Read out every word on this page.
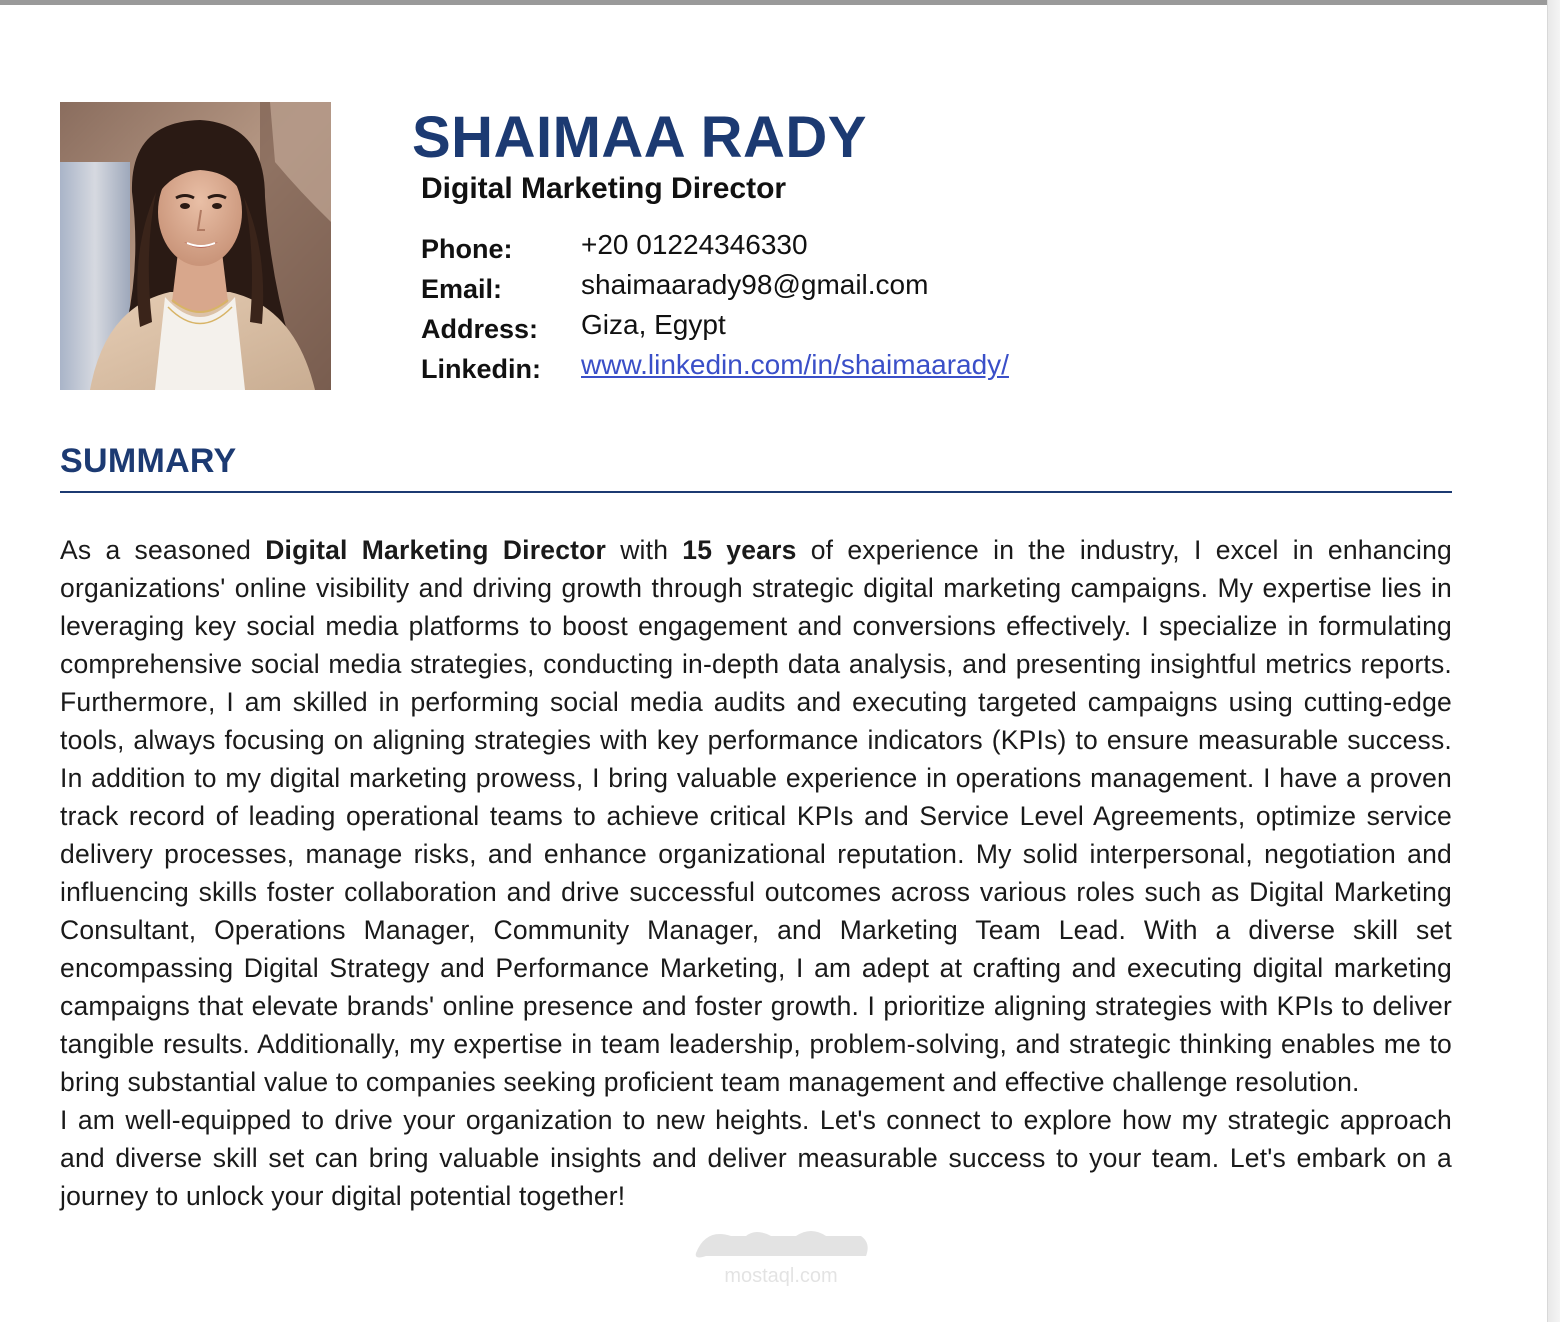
SHAIMAA RADY
Digital Marketing Director
Phone: +20 01224346330
Email:	shaimaarady98@gmail.com
Address: Giza, Egypt
Linkedin: www.linkedin.com/in/shaimaarady/
SUMMARY

As a seasoned Digital Marketing Director with 15 years of experience in the industry, I excel in enhancing organizations' online visibility and driving growth through strategic digital marketing campaigns. My expertise lies in leveraging key social media platforms to boost engagement and conversions effectively. I specialize in formulating comprehensive social media strategies, conducting in-depth data analysis, and presenting insightful metrics reports. Furthermore, I am skilled in performing social media audits and executing targeted campaigns using cutting-edge tools, always focusing on aligning strategies with key performance indicators (KPIs) to ensure measurable success. In addition to my digital marketing prowess, I bring valuable experience in operations management. I have a proven track record of leading operational teams to achieve critical KPIs and Service Level Agreements, optimize service delivery processes, manage risks, and enhance organizational reputation. My solid interpersonal, negotiation and influencing skills foster collaboration and drive successful outcomes across various roles such as Digital Marketing Consultant, Operations Manager, Community Manager, and Marketing Team Lead. With a diverse skill set encompassing Digital Strategy and Performance Marketing, I am adept at crafting and executing digital marketing campaigns that elevate brands' online presence and foster growth. I prioritize aligning strategies with KPIs to deliver tangible results. Additionally, my expertise in team leadership, problem-solving, and strategic thinking enables me to bring substantial value to companies seeking proficient team management and effective challenge resolution.

I am well-equipped to drive your organization to new heights. Let's connect to explore how my strategic approach and diverse skill set can bring valuable insights and deliver measurable success to your team. Let's embark on a journey to unlock your digital potential together!

mostaql.com
